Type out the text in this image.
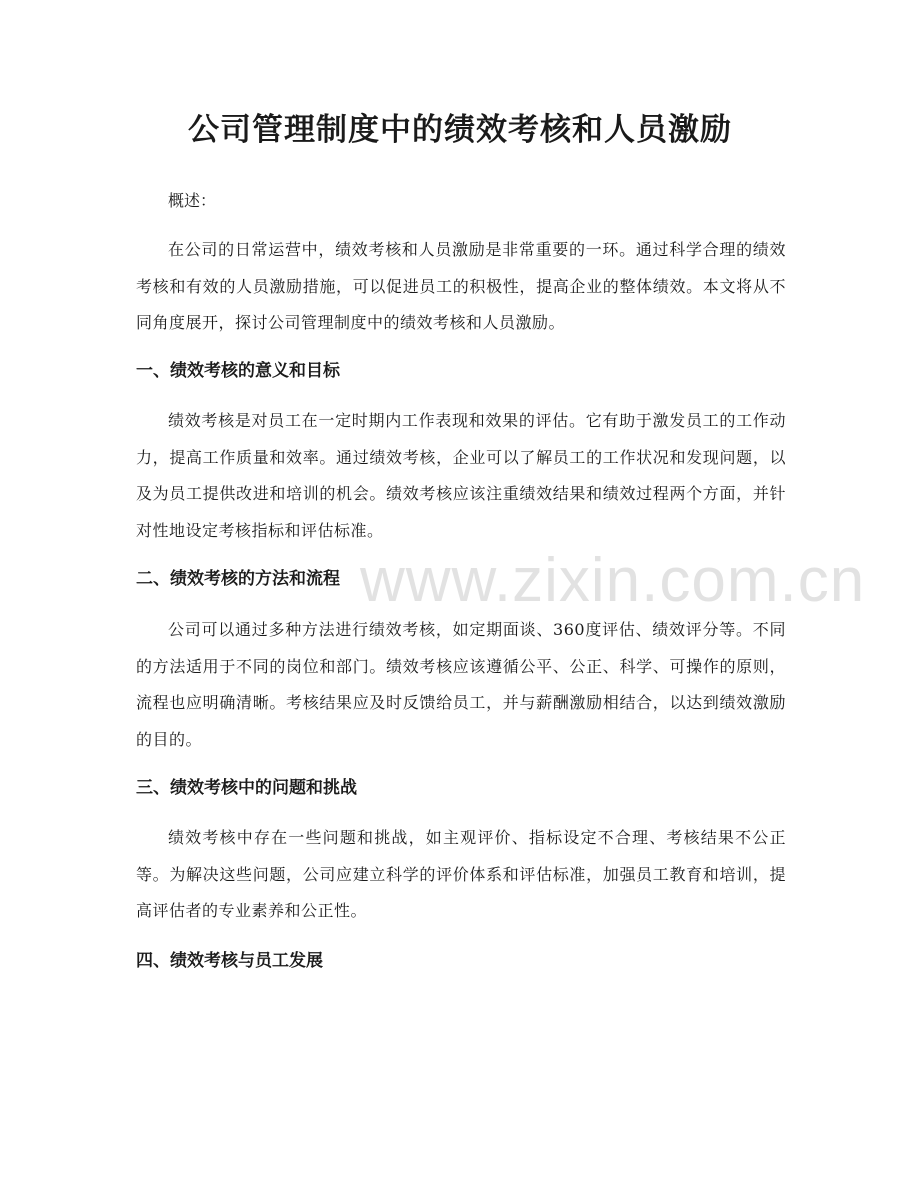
公司管理制度中的绩效考核和人员激励

概述：

在公司的日常运营中，绩效考核和人员激励是非常重要的一环。通过科学合理的绩效考核和有效的人员激励措施，可以促进员工的积极性，提高企业的整体绩效。本文将从不同角度展开，探讨公司管理制度中的绩效考核和人员激励。

一、绩效考核的意义和目标

绩效考核是对员工在一定时期内工作表现和效果的评估。它有助于激发员工的工作动力，提高工作质量和效率。通过绩效考核，企业可以了解员工的工作状况和发现问题，以及为员工提供改进和培训的机会。绩效考核应该注重绩效结果和绩效过程两个方面，并针对性地设定考核指标和评估标准。

二、绩效考核的方法和流程

公司可以通过多种方法进行绩效考核，如定期面谈、360度评估、绩效评分等。不同的方法适用于不同的岗位和部门。绩效考核应该遵循公平、公正、科学、可操作的原则，流程也应明确清晰。考核结果应及时反馈给员工，并与薪酬激励相结合，以达到绩效激励的目的。

三、绩效考核中的问题和挑战

绩效考核中存在一些问题和挑战，如主观评价、指标设定不合理、考核结果不公正等。为解决这些问题，公司应建立科学的评价体系和评估标准，加强员工教育和培训，提高评估者的专业素养和公正性。

四、绩效考核与员工发展
www.zixin.com.cn
